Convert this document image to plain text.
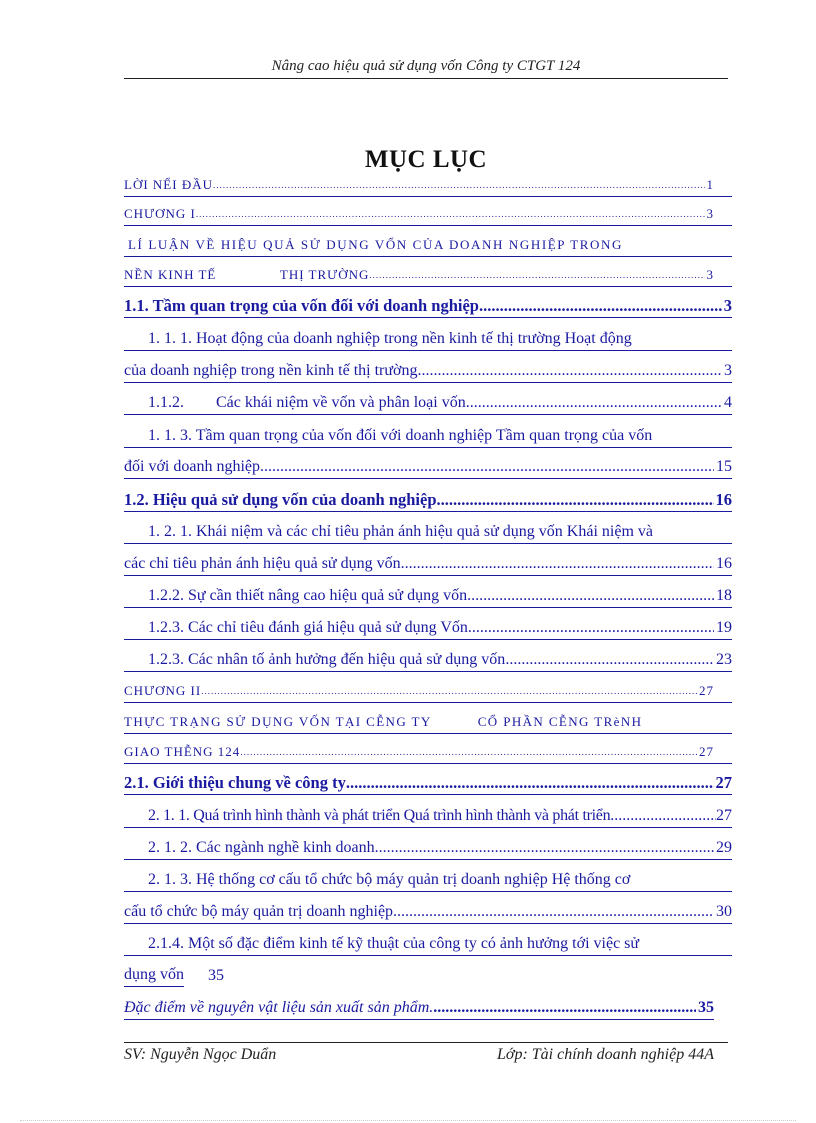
Nâng cao hiệu quả sử dụng vốn Công ty CTGT 124
MỤC LỤC
LỜI NỂI ĐẦU .....	1
CHƯƠNG I .....	3
LÍ LUẬN VỀ HIỆU QUẢ SỬ DỤNG VỐN CỦA DOANH NGHIỆP TRONG
NỀN KINH TẾ               THỊ TRƯỜNG .....	3
1.1. Tầm quan trọng của vốn đối với doanh nghiệp .....	3
1. 1. 1. Hoạt động của doanh nghiệp trong nền kinh tế thị trường Hoạt động
của doanh nghiệp trong nền kinh tế thị trường .....	3
1.1.2.        Các khái niệm về vốn và phân loại vốn .....	4
1. 1. 3. Tầm quan trọng của vốn đối với doanh nghiệp Tầm quan trọng của vốn
đối với doanh nghiệp .....	15
1.2. Hiệu quả sử dụng vốn của doanh nghiệp .....	16
1. 2. 1. Khái niệm và các chỉ tiêu phản ánh hiệu quả sử dụng vốn Khái niệm và
các chỉ tiêu phản ánh hiệu quả sử dụng vốn .....	16
1.2.2. Sự cần thiết nâng cao hiệu quả sử dụng vốn .....	18
1.2.3. Các chỉ tiêu đánh giá hiệu quả sử dụng Vốn .....	19
1.2.3. Các nhân tố ảnh hưởng đến hiệu quả sử dụng vốn .....	23
CHƯƠNG II .....	27
THỰC TRẠNG SỬ DỤNG VỐN TẠI CỄNG TY          CỔ PHẦN CỄNG TRèNH
GIAO THỄNG 124 .....	27
2.1. Giới thiệu chung về công ty .....	27
2. 1. 1. Quá trình hình thành và phát triển Quá trình hình thành và phát triển .....	27
2. 1. 2. Các ngành nghề kinh doanh .....	29
2. 1. 3. Hệ thống cơ cấu tổ chức bộ máy quản trị doanh nghiệp Hệ thống cơ
cấu tổ chức bộ máy quản trị doanh nghiệp .....	30
2.1.4. Một số đặc điểm kinh tế kỹ thuật của công ty có ảnh hưởng tới việc sử
dụng vốn 35
Đặc điểm về nguyên vật liệu sản xuất sản phẩm. .....	35
SV: Nguyễn Ngọc Duẩn	Lớp: Tài chính doanh nghiệp 44A
